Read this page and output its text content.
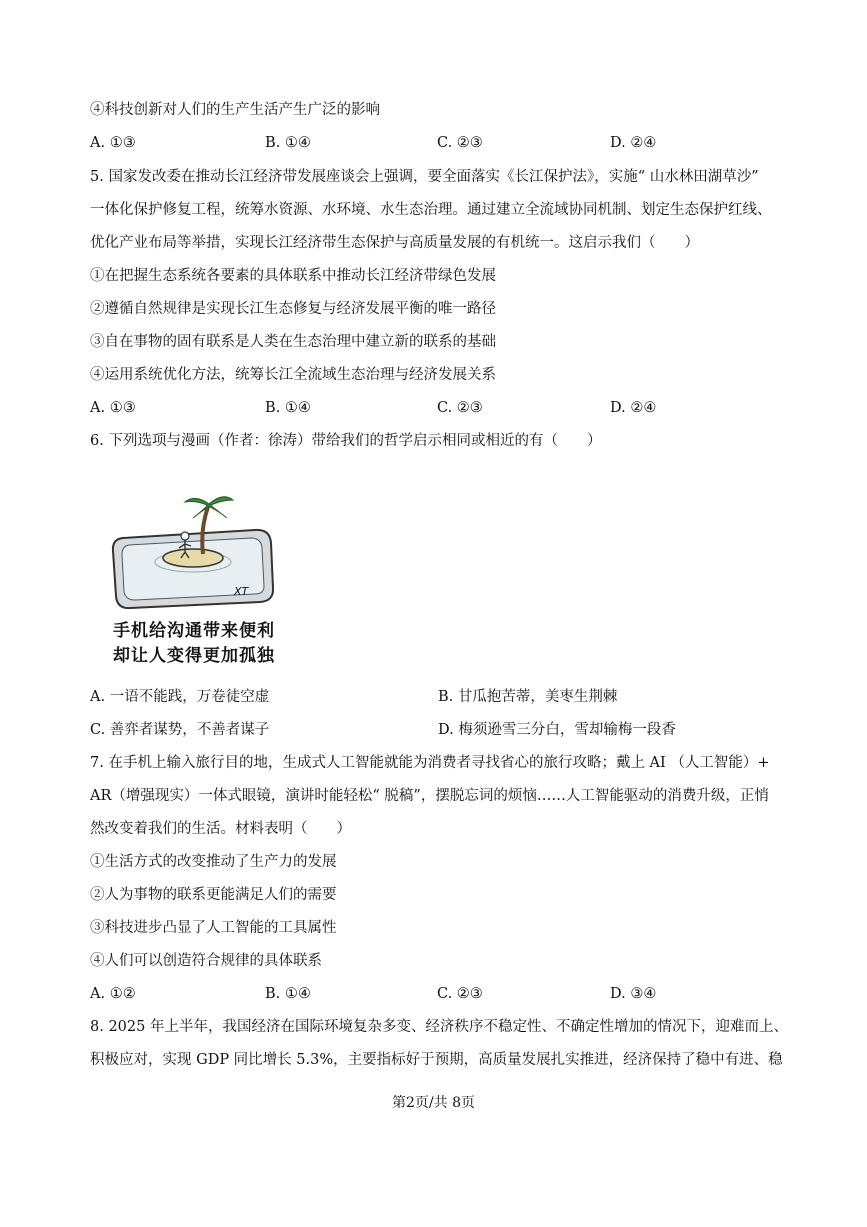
④科技创新对人们的生产生活产生广泛的影响
A. ①③	B. ①④	C. ②③	D. ②④
5. 国家发改委在推动长江经济带发展座谈会上强调，要全面落实《长江保护法》，实施“ 山水林田湖草沙”
一体化保护修复工程，统筹水资源、水环境、水生态治理。通过建立全流域协同机制、划定生态保护红线、
优化产业布局等举措，实现长江经济带生态保护与高质量发展的有机统一。这启示我们（　　）
①在把握生态系统各要素的具体联系中推动长江经济带绿色发展
②遵循自然规律是实现长江生态修复与经济发展平衡的唯一路径
③自在事物的固有联系是人类在生态治理中建立新的联系的基础
④运用系统优化方法，统筹长江全流域生态治理与经济发展关系
A. ①③	B. ①④	C. ②③	D. ②④
6. 下列选项与漫画（作者：徐涛）带给我们的哲学启示相同或相近的有（　　）
XT
手机给沟通带来便利
却让人变得更加孤独
A. 一语不能践，万卷徒空虚	B. 甘瓜抱苦蒂，美枣生荆棘
C. 善弈者谋势，不善者谋子	D. 梅须逊雪三分白，雪却输梅一段香
7. 在手机上输入旅行目的地，生成式人工智能就能为消费者寻找省心的旅行攻略；戴上 AI （人工智能）+
AR（增强现实）一体式眼镜，演讲时能轻松“ 脱稿”，摆脱忘词的烦恼……人工智能驱动的消费升级，正悄
然改变着我们的生活。材料表明（　　）
①生活方式的改变推动了生产力的发展
②人为事物的联系更能满足人们的需要
③科技进步凸显了人工智能的工具属性
④人们可以创造符合规律的具体联系
A. ①②	B. ①④	C. ②③	D. ③④
8. 2025 年上半年，我国经济在国际环境复杂多变、经济秩序不稳定性、不确定性增加的情况下，迎难而上、
积极应对，实现 GDP 同比增长 5.3%，主要指标好于预期，高质量发展扎实推进，经济保持了稳中有进、稳
第2页/共 8页
